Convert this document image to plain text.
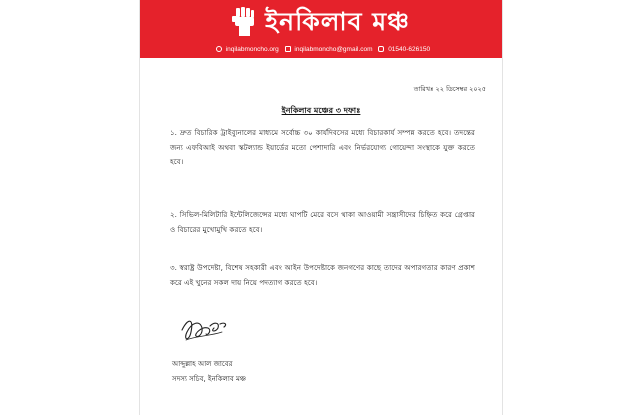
ইনকিলাব মঞ্চ
inqilabmoncho.org inqilabmoncho@gmail.com 01540-626150
তারিখঃ ২২ ডিসেম্বর ২০২৫
ইনকিলাব মঞ্চের ৩ দফাঃ
১. দ্রুত বিচারিক ট্রাইব্যুনালের মাধ্যমে সর্বোচ্চ ৩০ কার্যদিবসের মধ্যে বিচারকার্য সম্পন্ন করতে হবে। তদন্তের জন্য এফবিআই অথবা স্কটল্যান্ড ইয়ার্ডের মতো পেশাদারি এবং নির্ভরযোগ্য গোয়েন্দা সংস্থাকে যুক্ত করতে হবে।
২. সিভিল-মিলিটারি ইন্টেলিজেন্সের মধ্যে ঘাপটি মেরে বসে থাকা আওয়ামী সন্ত্রাসীদের চিহ্নিত করে গ্রেপ্তার ও বিচারের মুখোমুখি করতে হবে।
৩. স্বরাষ্ট্র উপদেষ্টা, বিশেষ সহকারী এবং আইন উপদেষ্টাকে জনগণের কাছে তাদের অপারগতার কারণ প্রকাশ করে এই খুনের সকল দায় নিয়ে পদত্যাগ করতে হবে।
আব্দুল্লাহ আল জাবের
সদস্য সচিব, ইনকিলাব মঞ্চ
